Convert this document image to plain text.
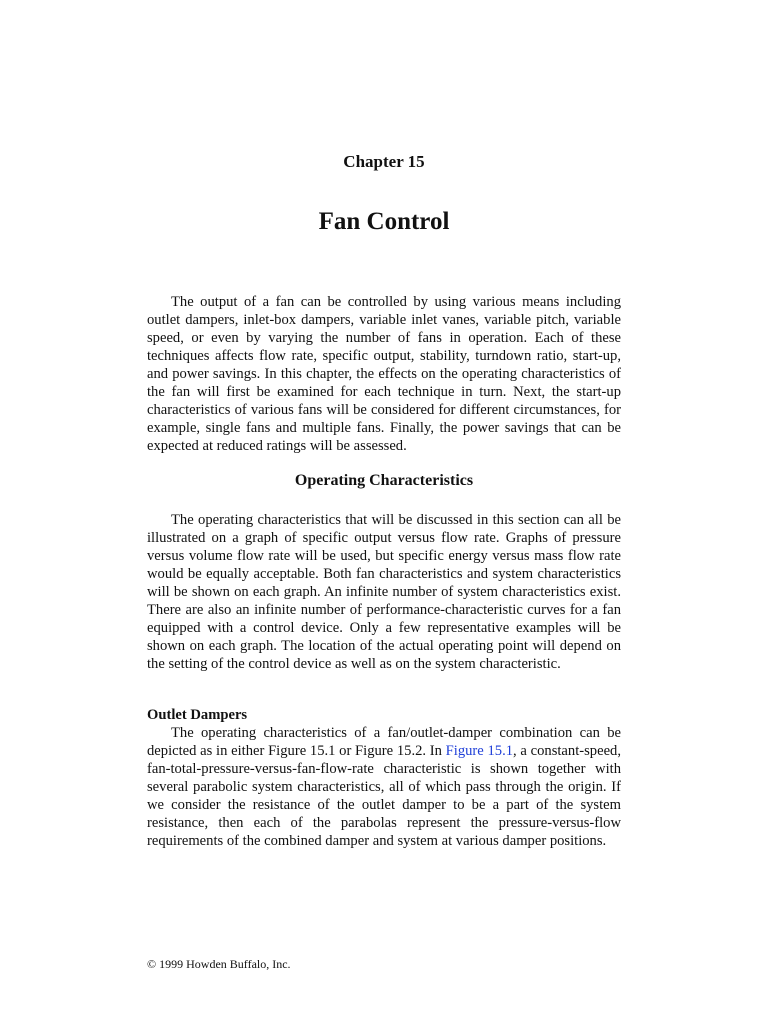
Chapter 15
Fan Control

The output of a fan can be controlled by using various means including outlet dampers, inlet-box dampers, variable inlet vanes, variable pitch, variable speed, or even by varying the number of fans in operation. Each of these techniques affects flow rate, specific output, stability, turndown ratio, start-up, and power savings. In this chapter, the effects on the operating characteristics of the fan will first be examined for each technique in turn. Next, the start-up characteristics of various fans will be considered for different circumstances, for example, single fans and multiple fans. Finally, the power savings that can be expected at reduced ratings will be assessed.

Operating Characteristics

The operating characteristics that will be discussed in this section can all be illustrated on a graph of specific output versus flow rate. Graphs of pressure versus volume flow rate will be used, but specific energy versus mass flow rate would be equally acceptable. Both fan characteristics and system characteristics will be shown on each graph. An infinite number of system characteristics exist. There are also an infinite number of performance-characteristic curves for a fan equipped with a control device. Only a few representative examples will be shown on each graph. The location of the actual operating point will depend on the setting of the control device as well as on the system characteristic.

Outlet Dampers

The operating characteristics of a fan/outlet-damper combination can be depicted as in either Figure 15.1 or Figure 15.2. In Figure 15.1, a constant-speed, fan-total-pressure-versus-fan-flow-rate characteristic is shown together with several parabolic system characteristics, all of which pass through the origin. If we consider the resistance of the outlet damper to be a part of the system resistance, then each of the parabolas represent the pressure-versus-flow requirements of the combined damper and system at various damper positions.

© 1999 Howden Buffalo, Inc.
